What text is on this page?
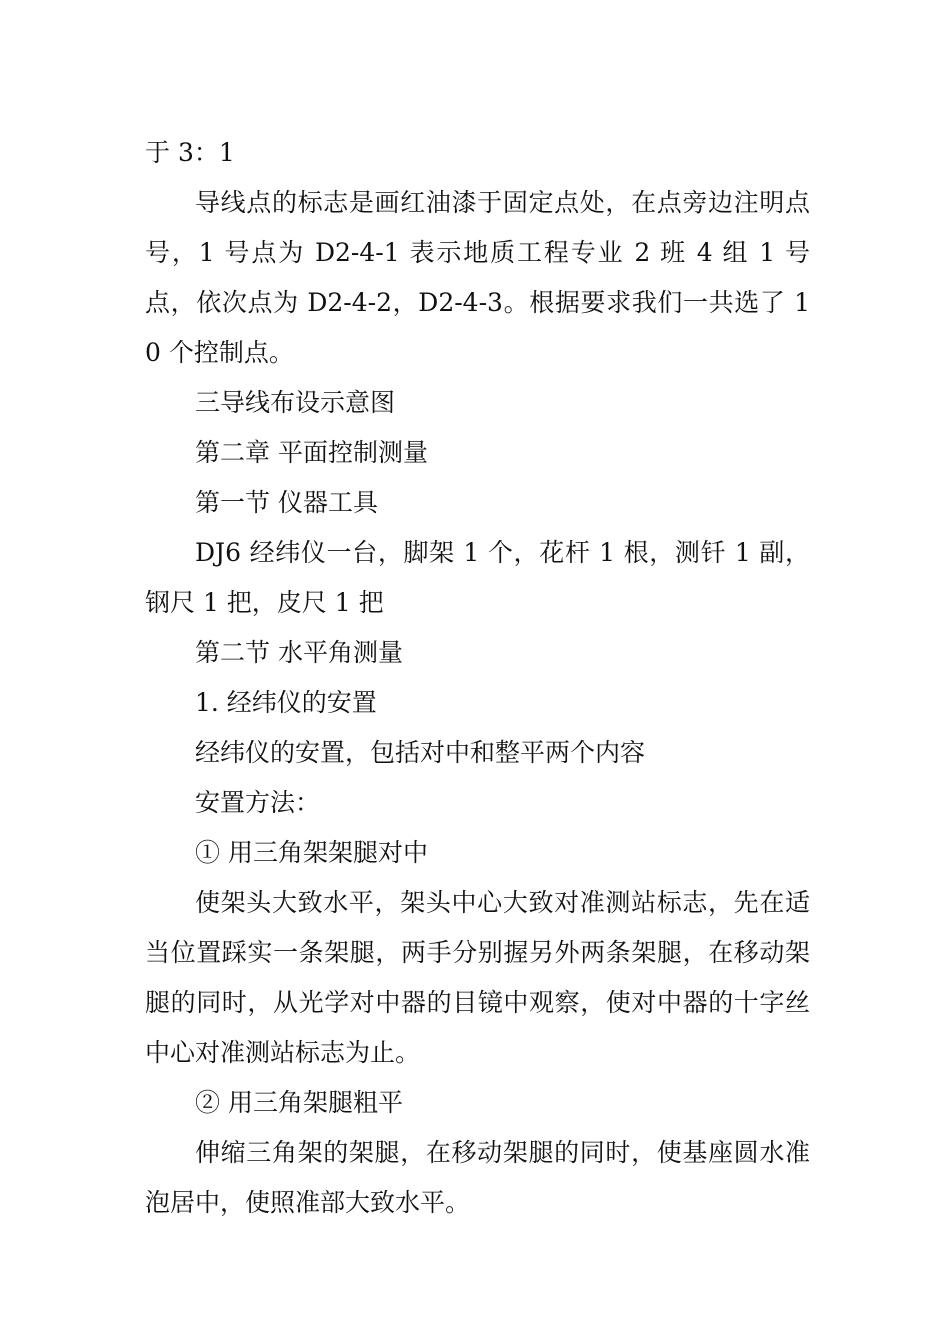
于 3：1

导线点的标志是画红油漆于固定点处，在点旁边注明点号，1 号点为 D2-4-1 表示地质工程专业 2 班 4 组 1 号点，依次点为 D2-4-2，D2-4-3。根据要求我们一共选了 10 个控制点。

三导线布设示意图

第二章 平面控制测量

第一节 仪器工具

DJ6 经纬仪一台，脚架 1 个，花杆 1 根，测钎 1 副，钢尺 1 把，皮尺 1 把

第二节 水平角测量

1. 经纬仪的安置

经纬仪的安置，包括对中和整平两个内容

安置方法：

① 用三角架架腿对中

使架头大致水平，架头中心大致对准测站标志，先在适当位置踩实一条架腿，两手分别握另外两条架腿，在移动架腿的同时，从光学对中器的目镜中观察，使对中器的十字丝中心对准测站标志为止。

② 用三角架腿粗平

伸缩三角架的架腿，在移动架腿的同时，使基座圆水准泡居中，使照准部大致水平。
